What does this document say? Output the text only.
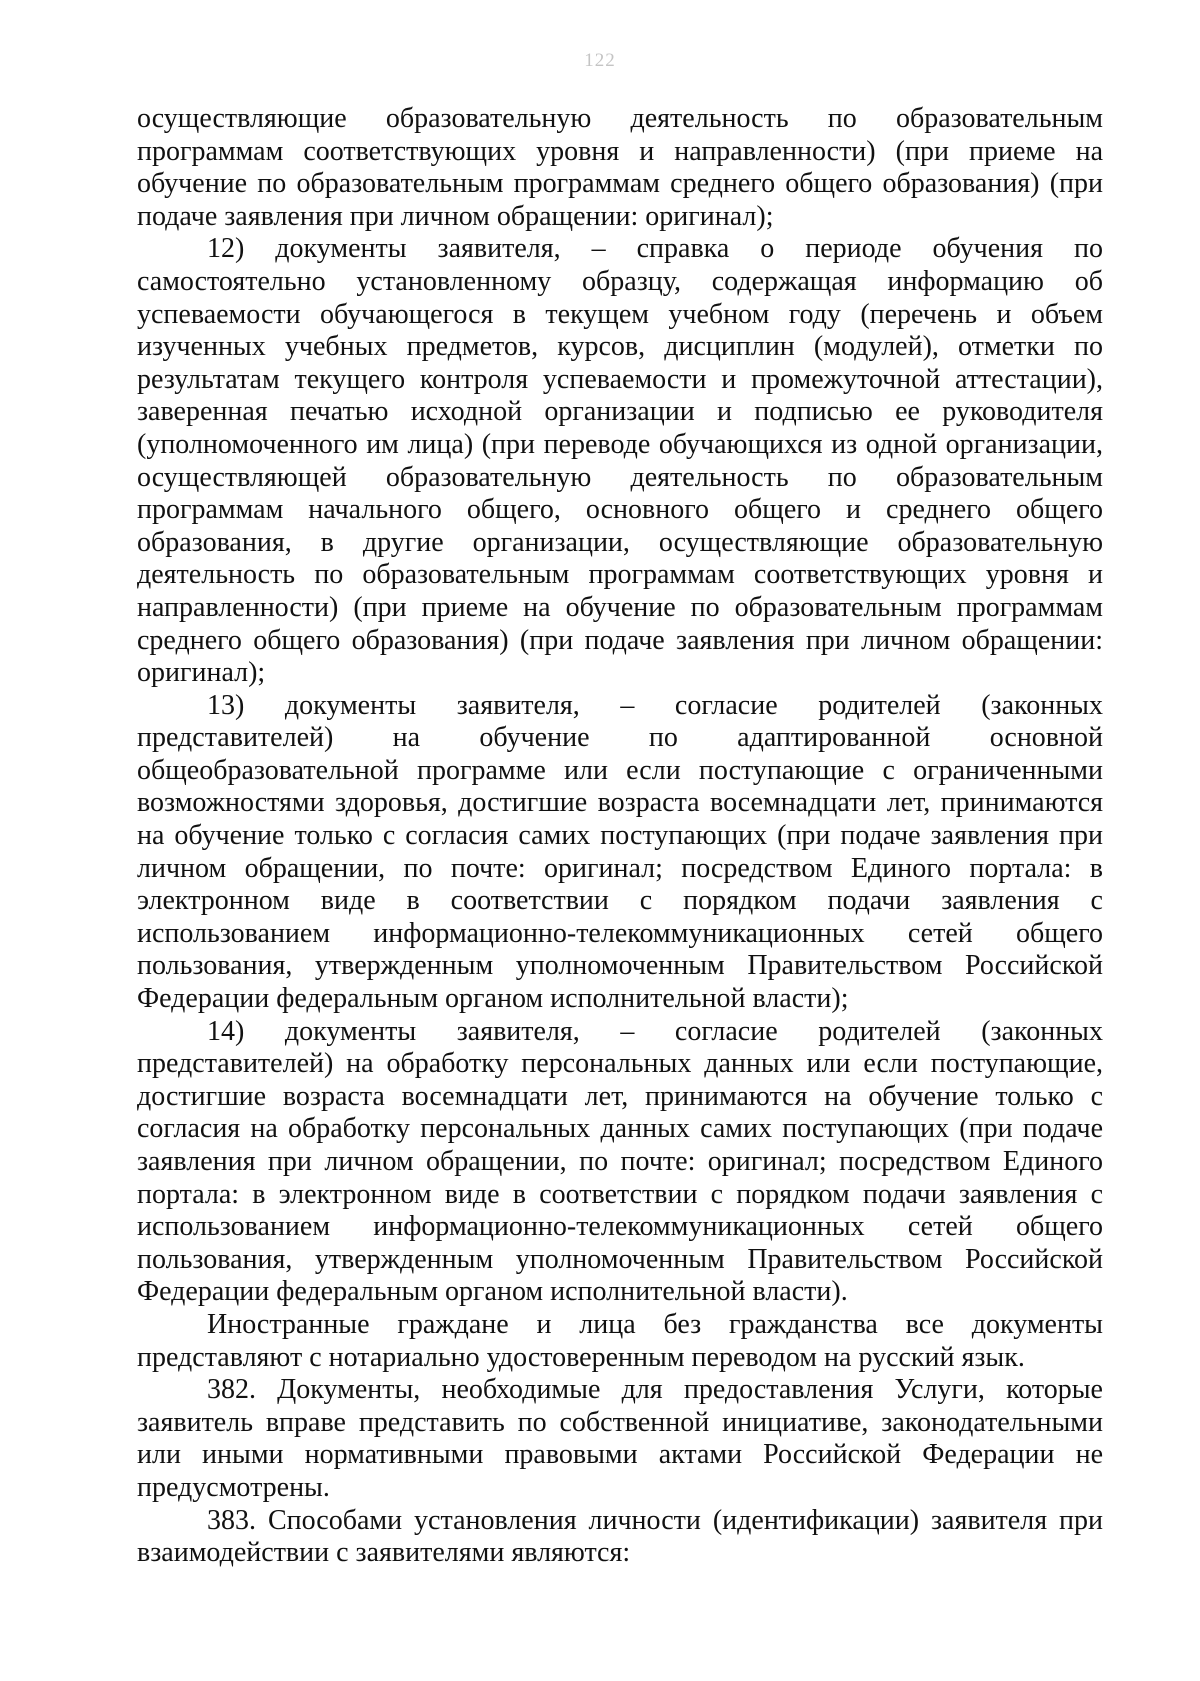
122

осуществляющие образовательную деятельность по образовательным программам соответствующих уровня и направленности) (при приеме на обучение по образовательным программам среднего общего образования) (при подаче заявления при личном обращении: оригинал);

12) документы заявителя, – справка о периоде обучения по самостоятельно установленному образцу, содержащая информацию об успеваемости обучающегося в текущем учебном году (перечень и объем изученных учебных предметов, курсов, дисциплин (модулей), отметки по результатам текущего контроля успеваемости и промежуточной аттестации), заверенная печатью исходной организации и подписью ее руководителя (уполномоченного им лица) (при переводе обучающихся из одной организации, осуществляющей образовательную деятельность по образовательным программам начального общего, основного общего и среднего общего образования, в другие организации, осуществляющие образовательную деятельность по образовательным программам соответствующих уровня и направленности) (при приеме на обучение по образовательным программам среднего общего образования) (при подаче заявления при личном обращении: оригинал);

13) документы заявителя, – согласие родителей (законных представителей) на обучение по адаптированной основной общеобразовательной программе или если поступающие с ограниченными возможностями здоровья, достигшие возраста восемнадцати лет, принимаются на обучение только с согласия самих поступающих (при подаче заявления при личном обращении, по почте: оригинал; посредством Единого портала: в электронном виде в соответствии с порядком подачи заявления с использованием информационно-телекоммуникационных сетей общего пользования, утвержденным уполномоченным Правительством Российской Федерации федеральным органом исполнительной власти);

14) документы заявителя, – согласие родителей (законных представителей) на обработку персональных данных или если поступающие, достигшие возраста восемнадцати лет, принимаются на обучение только с согласия на обработку персональных данных самих поступающих (при подаче заявления при личном обращении, по почте: оригинал; посредством Единого портала: в электронном виде в соответствии с порядком подачи заявления с использованием информационно-телекоммуникационных сетей общего пользования, утвержденным уполномоченным Правительством Российской Федерации федеральным органом исполнительной власти).

Иностранные граждане и лица без гражданства все документы представляют с нотариально удостоверенным переводом на русский язык.

382. Документы, необходимые для предоставления Услуги, которые заявитель вправе представить по собственной инициативе, законодательными или иными нормативными правовыми актами Российской Федерации не предусмотрены.

383. Способами установления личности (идентификации) заявителя при взаимодействии с заявителями являются:
